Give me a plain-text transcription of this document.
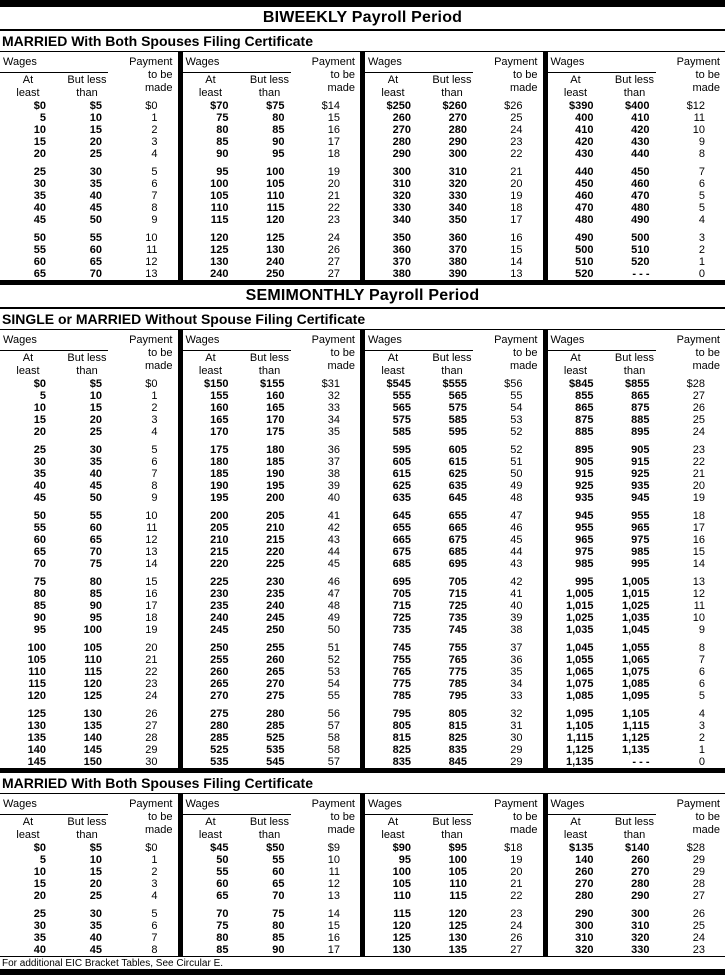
BIWEEKLY Payroll Period
MARRIED With Both Spouses Filing Certificate
Wages	Payment
to be
made
At
least
But less
than
$0	$5	$0
5	10	1
10	15	2
15	20	3
20	25	4
25	30	5
30	35	6
35	40	7
40	45	8
45	50	9
50	55	10
55	60	11
60	65	12
65	70	13
Wages	Payment
to be
made
At
least
But less
than
$70	$75	$14
75	80	15
80	85	16
85	90	17
90	95	18
95	100	19
100	105	20
105	110	21
110	115	22
115	120	23
120	125	24
125	130	26
130	240	27
240	250	27
Wages	Payment
to be
made
At
least
But less
than
$250	$260	$26
260	270	25
270	280	24
280	290	23
290	300	22
300	310	21
310	320	20
320	330	19
330	340	18
340	350	17
350	360	16
360	370	15
370	380	14
380	390	13
Wages	Payment
to be
made
At
least
But less
than
$390	$400	$12
400	410	11
410	420	10
420	430	9
430	440	8
440	450	7
450	460	6
460	470	5
470	480	5
480	490	4
490	500	3
500	510	2
510	520	1
520	- - -	0
SEMIMONTHLY Payroll Period
SINGLE or MARRIED Without Spouse Filing Certificate
Wages	Payment
to be
made
At
least
But less
than
$0	$5	$0
5	10	1
10	15	2
15	20	3
20	25	4
25	30	5
30	35	6
35	40	7
40	45	8
45	50	9
50	55	10
55	60	11
60	65	12
65	70	13
70	75	14
75	80	15
80	85	16
85	90	17
90	95	18
95	100	19
100	105	20
105	110	21
110	115	22
115	120	23
120	125	24
125	130	26
130	135	27
135	140	28
140	145	29
145	150	30
Wages	Payment
to be
made
At
least
But less
than
$150	$155	$31
155	160	32
160	165	33
165	170	34
170	175	35
175	180	36
180	185	37
185	190	38
190	195	39
195	200	40
200	205	41
205	210	42
210	215	43
215	220	44
220	225	45
225	230	46
230	235	47
235	240	48
240	245	49
245	250	50
250	255	51
255	260	52
260	265	53
265	270	54
270	275	55
275	280	56
280	285	57
285	525	58
525	535	58
535	545	57
Wages	Payment
to be
made
At
least
But less
than
$545	$555	$56
555	565	55
565	575	54
575	585	53
585	595	52
595	605	52
605	615	51
615	625	50
625	635	49
635	645	48
645	655	47
655	665	46
665	675	45
675	685	44
685	695	43
695	705	42
705	715	41
715	725	40
725	735	39
735	745	38
745	755	37
755	765	36
765	775	35
775	785	34
785	795	33
795	805	32
805	815	31
815	825	30
825	835	29
835	845	29
Wages	Payment
to be
made
At
least
But less
than
$845	$855	$28
855	865	27
865	875	26
875	885	25
885	895	24
895	905	23
905	915	22
915	925	21
925	935	20
935	945	19
945	955	18
955	965	17
965	975	16
975	985	15
985	995	14
995	1,005	13
1,005	1,015	12
1,015	1,025	11
1,025	1,035	10
1,035	1,045	9
1,045	1,055	8
1,055	1,065	7
1,065	1,075	6
1,075	1,085	6
1,085	1,095	5
1,095	1,105	4
1,105	1,115	3
1,115	1,125	2
1,125	1,135	1
1,135	- - -	0
MARRIED With Both Spouses Filing Certificate
Wages	Payment
to be
made
At
least
But less
than
$0	$5	$0
5	10	1
10	15	2
15	20	3
20	25	4
25	30	5
30	35	6
35	40	7
40	45	8
Wages	Payment
to be
made
At
least
But less
than
$45	$50	$9
50	55	10
55	60	11
60	65	12
65	70	13
70	75	14
75	80	15
80	85	16
85	90	17
Wages	Payment
to be
made
At
least
But less
than
$90	$95	$18
95	100	19
100	105	20
105	110	21
110	115	22
115	120	23
120	125	24
125	130	26
130	135	27
Wages	Payment
to be
made
At
least
But less
than
$135	$140	$28
140	260	29
260	270	29
270	280	28
280	290	27
290	300	26
300	310	25
310	320	24
320	330	23
For additional EIC Bracket Tables, See Circular E.
